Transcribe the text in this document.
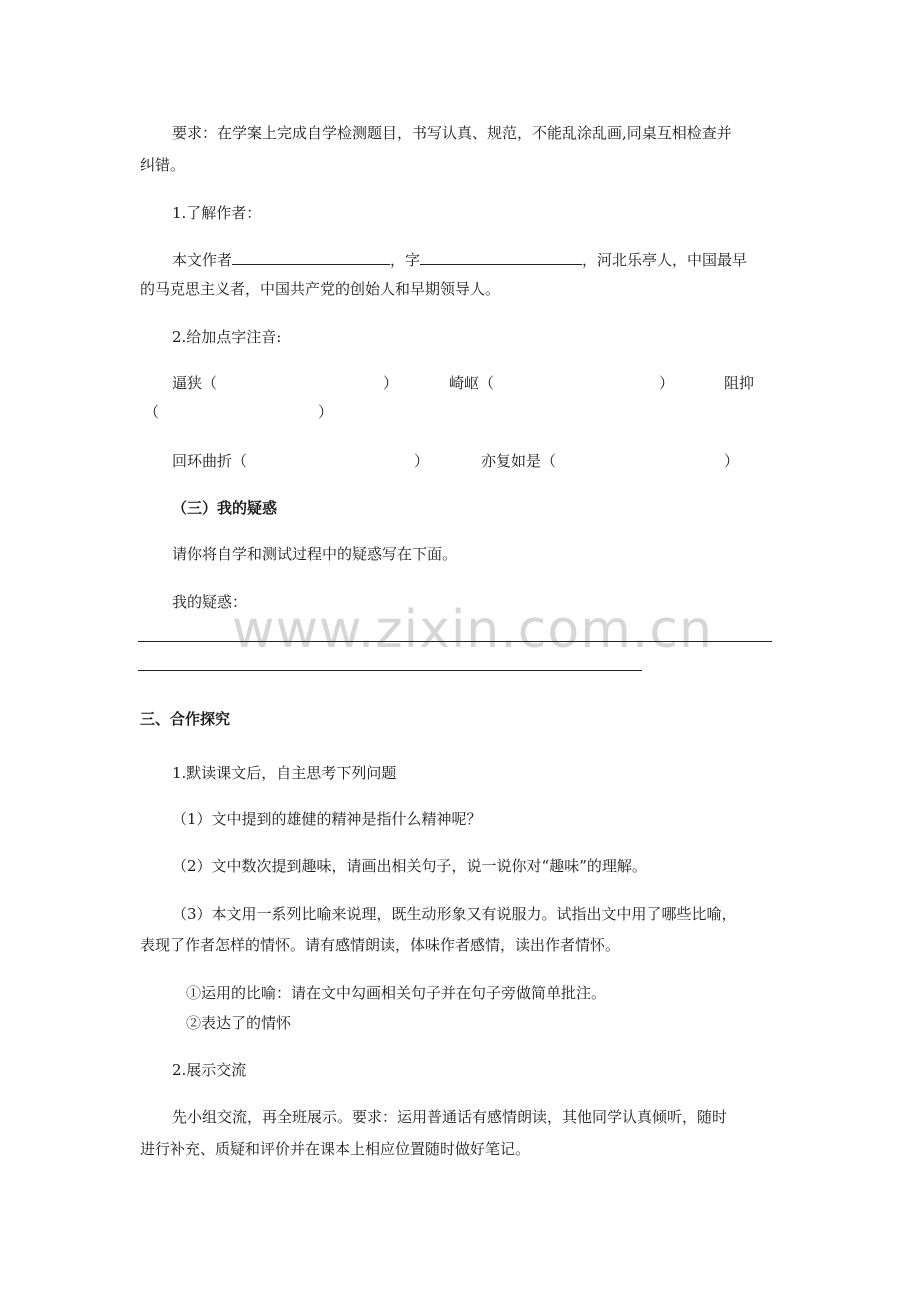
www.zixin.com.cn
要求：在学案上完成自学检测题目，书写认真、规范，不能乱涂乱画,同桌互相检查并
纠错。
1.了解作者：
本文作者	，字	，河北乐亭人，中国最早
的马克思主义者，中国共产党的创始人和早期领导人。
2.给加点字注音:
逼狭（	）	崎岖（	）	阻抑
（	）
回环曲折（	）	亦复如是（	）
（三）我的疑惑
请你将自学和测试过程中的疑惑写在下面。
我的疑惑：
三、合作探究
1.默读课文后，自主思考下列问题
（1）文中提到的雄健的精神是指什么精神呢？
（2）文中数次提到趣味，请画出相关句子，说一说你对“趣味”的理解。
（3）本文用一系列比喻来说理，既生动形象又有说服力。试指出文中用了哪些比喻，
表现了作者怎样的情怀。请有感情朗读，体味作者感情，读出作者情怀。
①运用的比喻：请在文中勾画相关句子并在句子旁做简单批注。
②表达了的情怀
2.展示交流
先小组交流，再全班展示。要求：运用普通话有感情朗读，其他同学认真倾听，随时
进行补充、质疑和评价并在课本上相应位置随时做好笔记。
